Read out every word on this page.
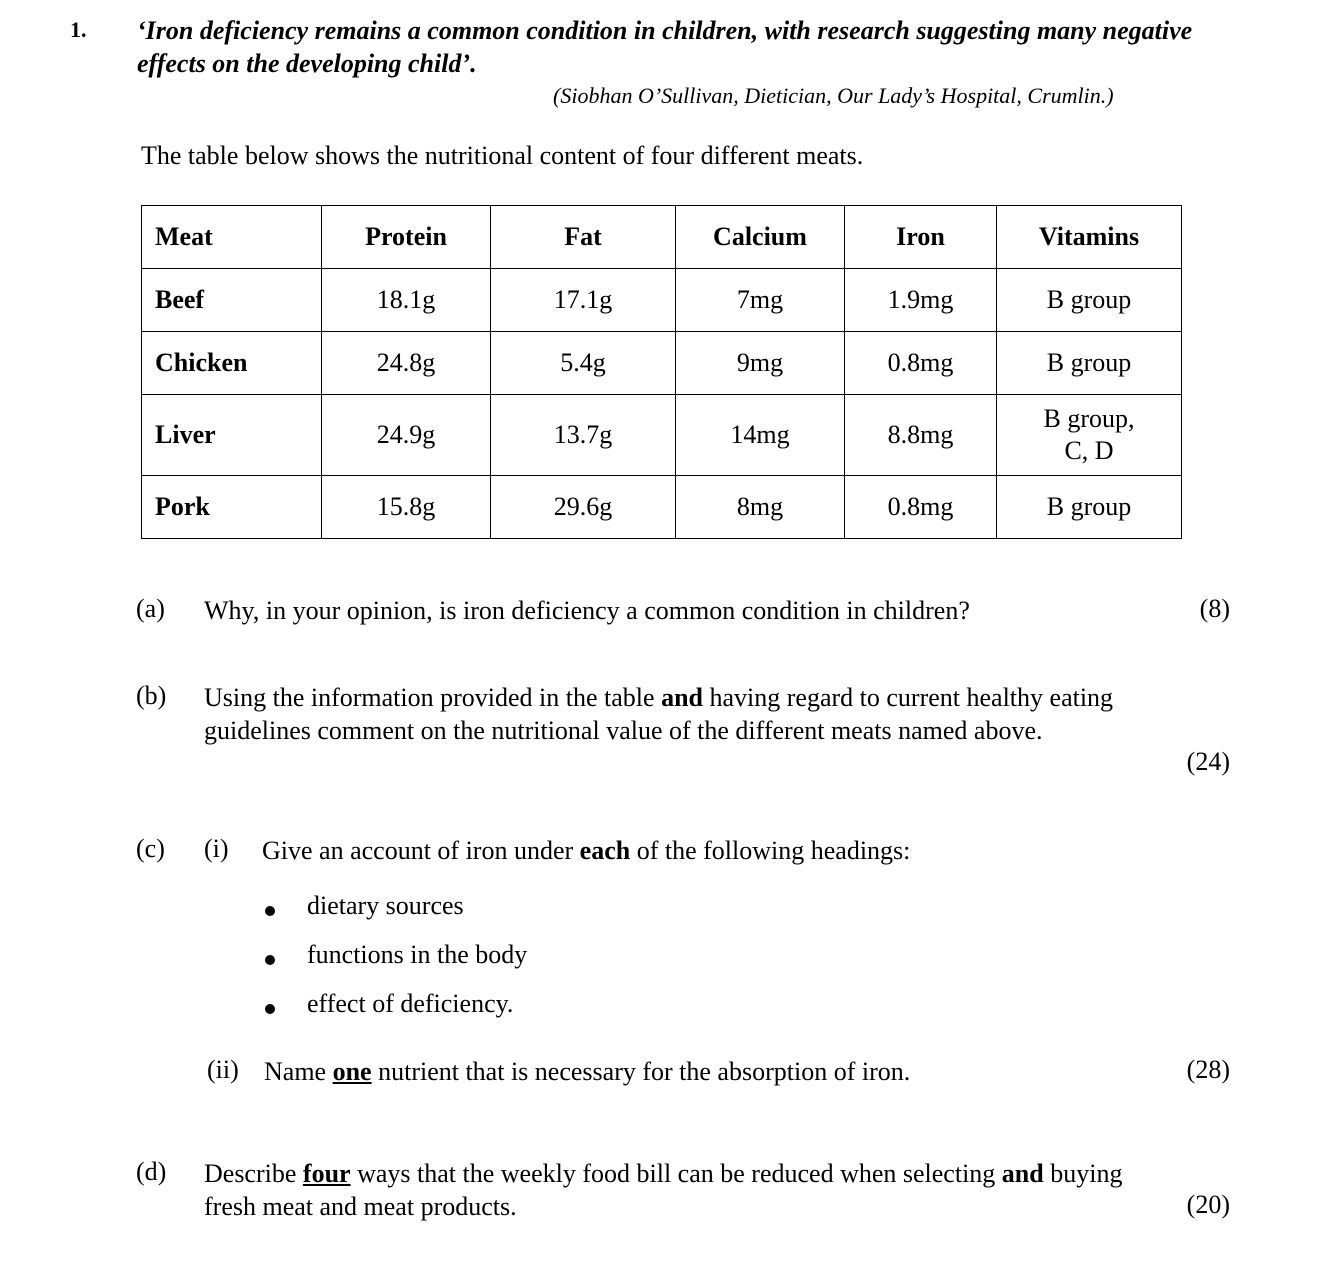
1. ‘Iron deficiency remains a common condition in children, with research suggesting many negative effects on the developing child’.
(Siobhan O’Sullivan, Dietician, Our Lady’s Hospital, Crumlin.)
The table below shows the nutritional content of four different meats.
Meat	Protein	Fat	Calcium	Iron	Vitamins
Beef	18.1g	17.1g	7mg	1.9mg	B group
Chicken	24.8g	5.4g	9mg	0.8mg	B group
Liver	24.9g	13.7g	14mg	8.8mg	B group,
C, D

Pork	15.8g	29.6g	8mg	0.8mg	B group
(a) Why, in your opinion, is iron deficiency a common condition in children?	(8)
(b) Using the information provided in the table and having regard to current healthy eating guidelines comment on the nutritional value of the different meats named above.
(24)
(c) (i) Give an account of iron under each of the following headings:
dietary sources
functions in the body
effect of deficiency.
(ii) Name one nutrient that is necessary for the absorption of iron.	(28)
(d) Describe four ways that the weekly food bill can be reduced when selecting and buying fresh meat and meat products.	(20)
